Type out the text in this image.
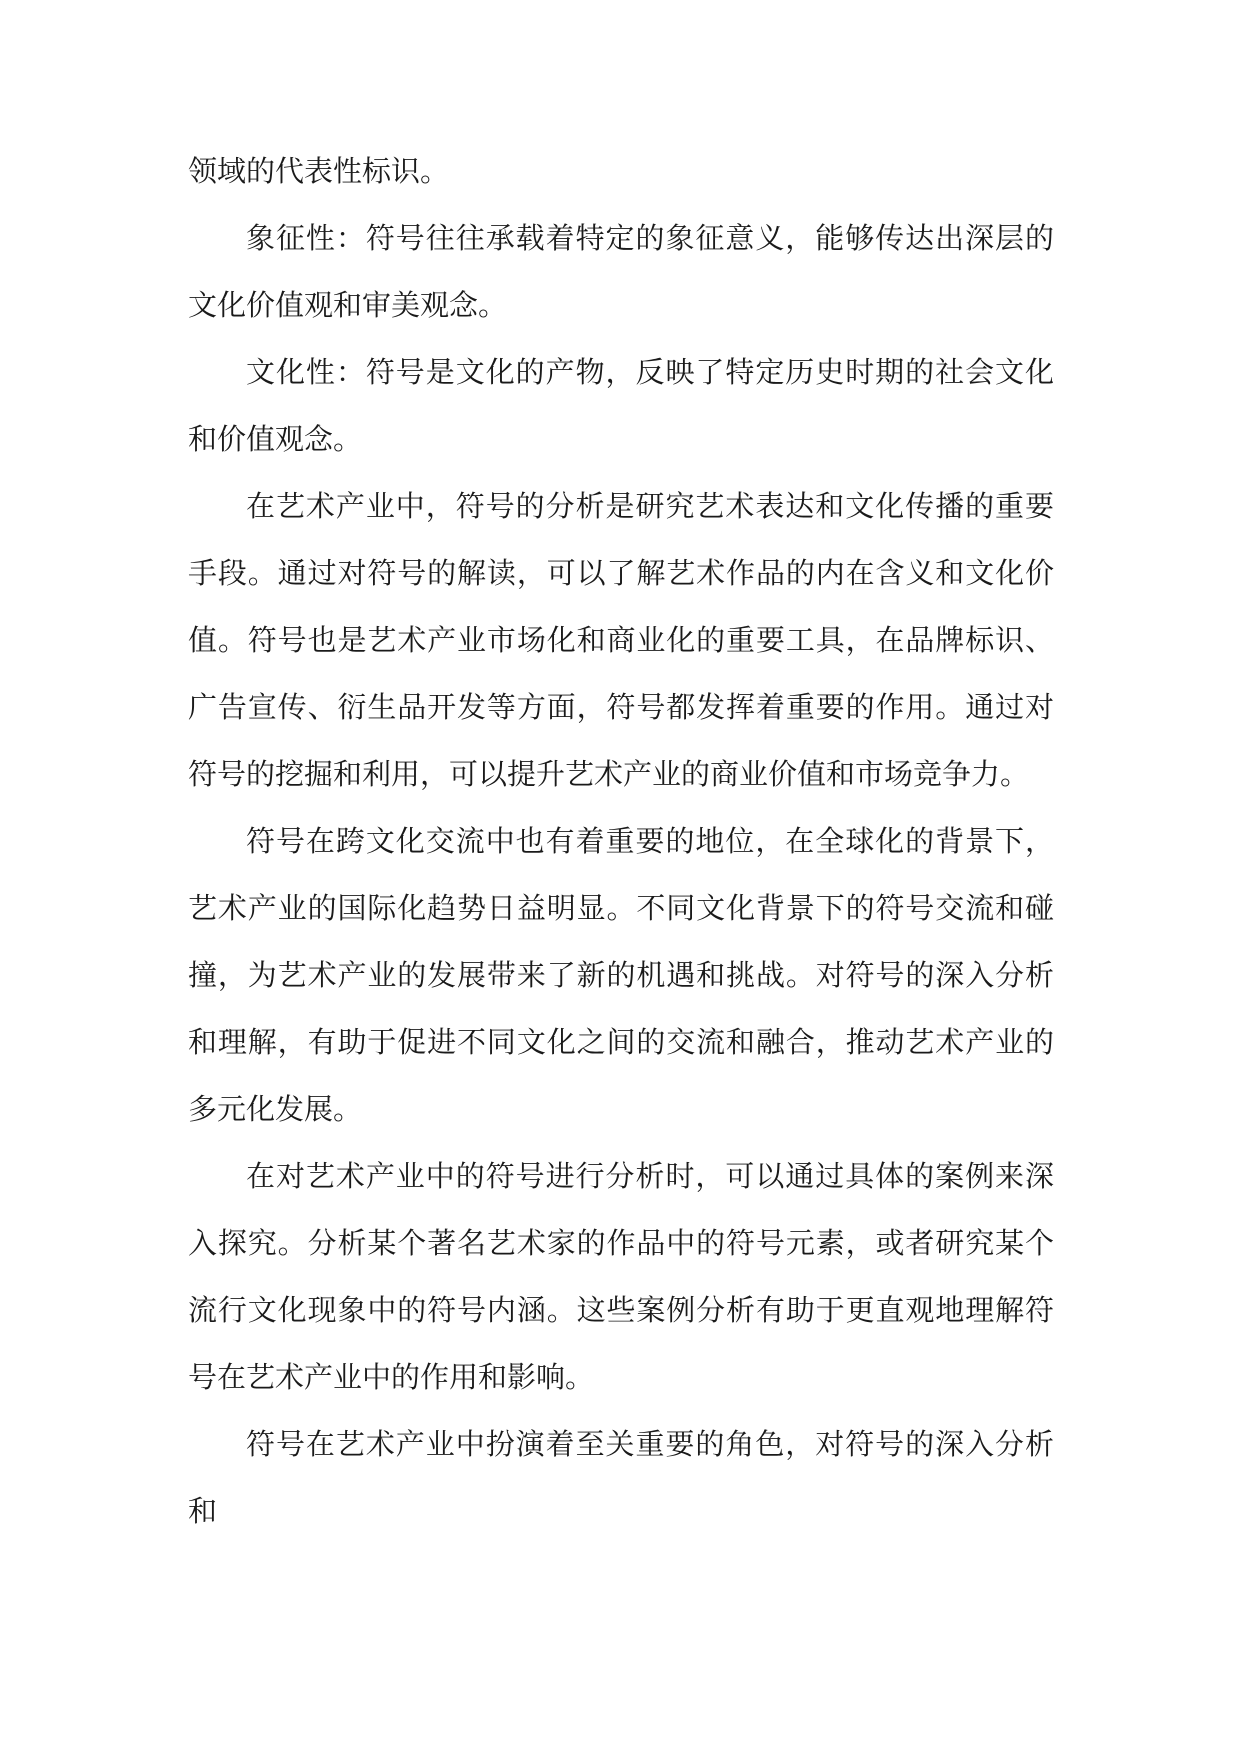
领域的代表性标识。

象征性：符号往往承载着特定的象征意义，能够传达出深层的文化价值观和审美观念。

文化性：符号是文化的产物，反映了特定历史时期的社会文化和价值观念。

在艺术产业中，符号的分析是研究艺术表达和文化传播的重要手段。通过对符号的解读，可以了解艺术作品的内在含义和文化价值。符号也是艺术产业市场化和商业化的重要工具，在品牌标识、广告宣传、衍生品开发等方面，符号都发挥着重要的作用。通过对符号的挖掘和利用，可以提升艺术产业的商业价值和市场竞争力。

符号在跨文化交流中也有着重要的地位，在全球化的背景下，艺术产业的国际化趋势日益明显。不同文化背景下的符号交流和碰撞，为艺术产业的发展带来了新的机遇和挑战。对符号的深入分析和理解，有助于促进不同文化之间的交流和融合，推动艺术产业的多元化发展。

在对艺术产业中的符号进行分析时，可以通过具体的案例来深入探究。分析某个著名艺术家的作品中的符号元素，或者研究某个流行文化现象中的符号内涵。这些案例分析有助于更直观地理解符号在艺术产业中的作用和影响。

符号在艺术产业中扮演着至关重要的角色，对符号的深入分析和
